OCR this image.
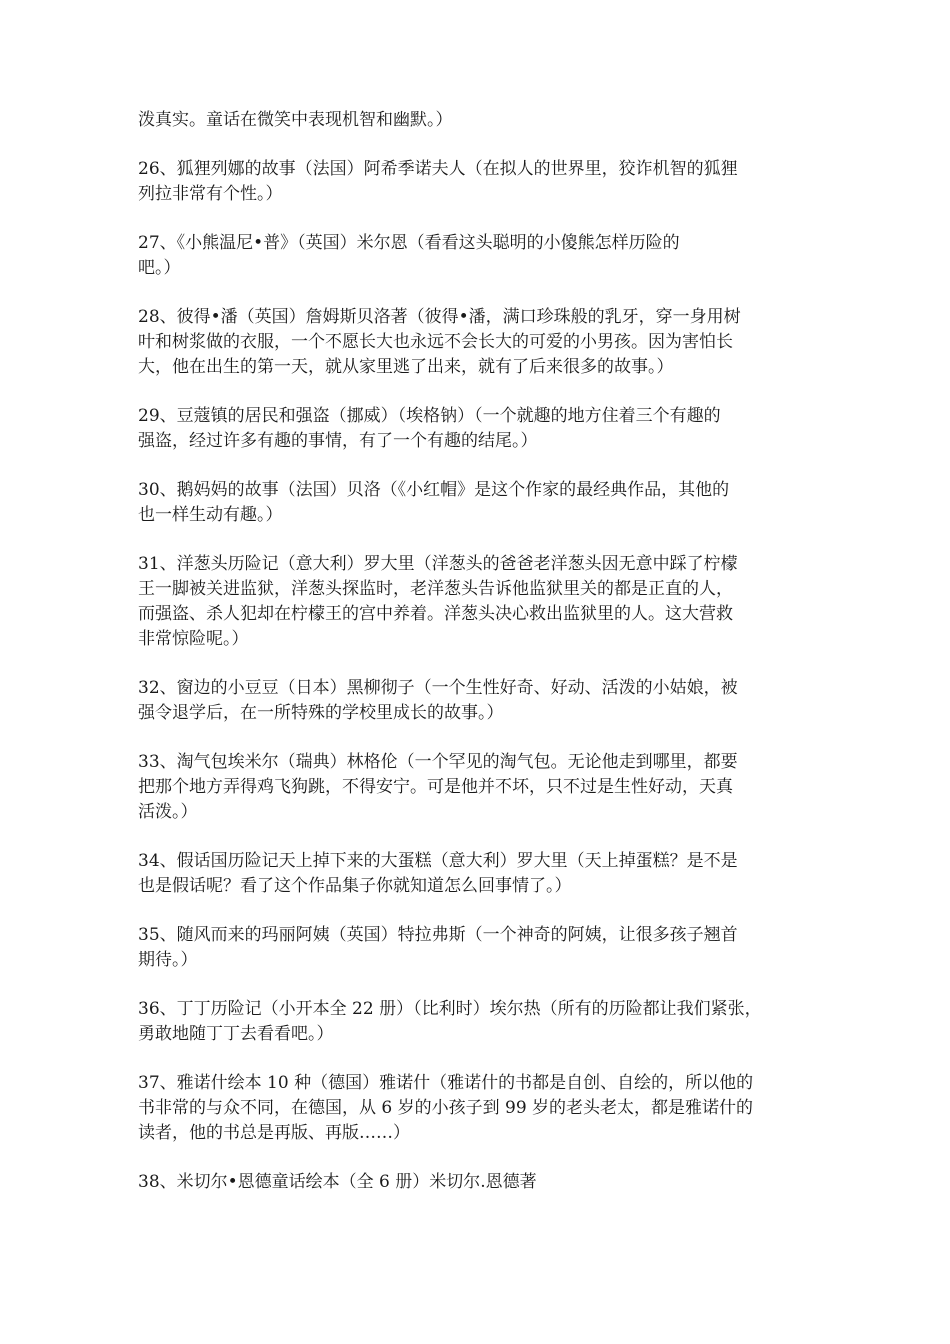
泼真实。童话在微笑中表现机智和幽默。）

26、狐狸列娜的故事（法国）阿希季诺夫人（在拟人的世界里，狡诈机智的狐狸
列拉非常有个性。）

27、《小熊温尼•普》（英国）米尔恩（看看这头聪明的小傻熊怎样历险的
吧。）

28、彼得•潘（英国）詹姆斯贝洛著（彼得•潘，满口珍珠般的乳牙，穿一身用树
叶和树浆做的衣服，一个不愿长大也永远不会长大的可爱的小男孩。因为害怕长
大，他在出生的第一天，就从家里逃了出来，就有了后来很多的故事。）

29、豆蔻镇的居民和强盗（挪威）（埃格钠）（一个就趣的地方住着三个有趣的
强盗，经过许多有趣的事情，有了一个有趣的结尾。）

30、鹅妈妈的故事（法国）贝洛（《小红帽》是这个作家的最经典作品，其他的
也一样生动有趣。）

31、洋葱头历险记（意大利）罗大里（洋葱头的爸爸老洋葱头因无意中踩了柠檬
王一脚被关进监狱，洋葱头探监时，老洋葱头告诉他监狱里关的都是正直的人，
而强盗、杀人犯却在柠檬王的宫中养着。洋葱头决心救出监狱里的人。这大营救
非常惊险呢。）

32、窗边的小豆豆（日本）黑柳彻子（一个生性好奇、好动、活泼的小姑娘，被
强令退学后，在一所特殊的学校里成长的故事。）

33、淘气包埃米尔（瑞典）林格伦（一个罕见的淘气包。无论他走到哪里，都要
把那个地方弄得鸡飞狗跳，不得安宁。可是他并不坏，只不过是生性好动，天真
活泼。）

34、假话国历险记天上掉下来的大蛋糕（意大利）罗大里（天上掉蛋糕？是不是
也是假话呢？看了这个作品集子你就知道怎么回事情了。）

35、随风而来的玛丽阿姨（英国）特拉弗斯（一个神奇的阿姨，让很多孩子翘首
期待。）

36、丁丁历险记（小开本全 22 册）（比利时）埃尔热（所有的历险都让我们紧张，
勇敢地随丁丁去看看吧。）

37、雅诺什绘本 10 种（德国）雅诺什（雅诺什的书都是自创、自绘的，所以他的
书非常的与众不同，在德国，从 6 岁的小孩子到 99 岁的老头老太，都是雅诺什的
读者，他的书总是再版、再版……）

38、米切尔•恩德童话绘本（全 6 册）米切尔.恩德著
